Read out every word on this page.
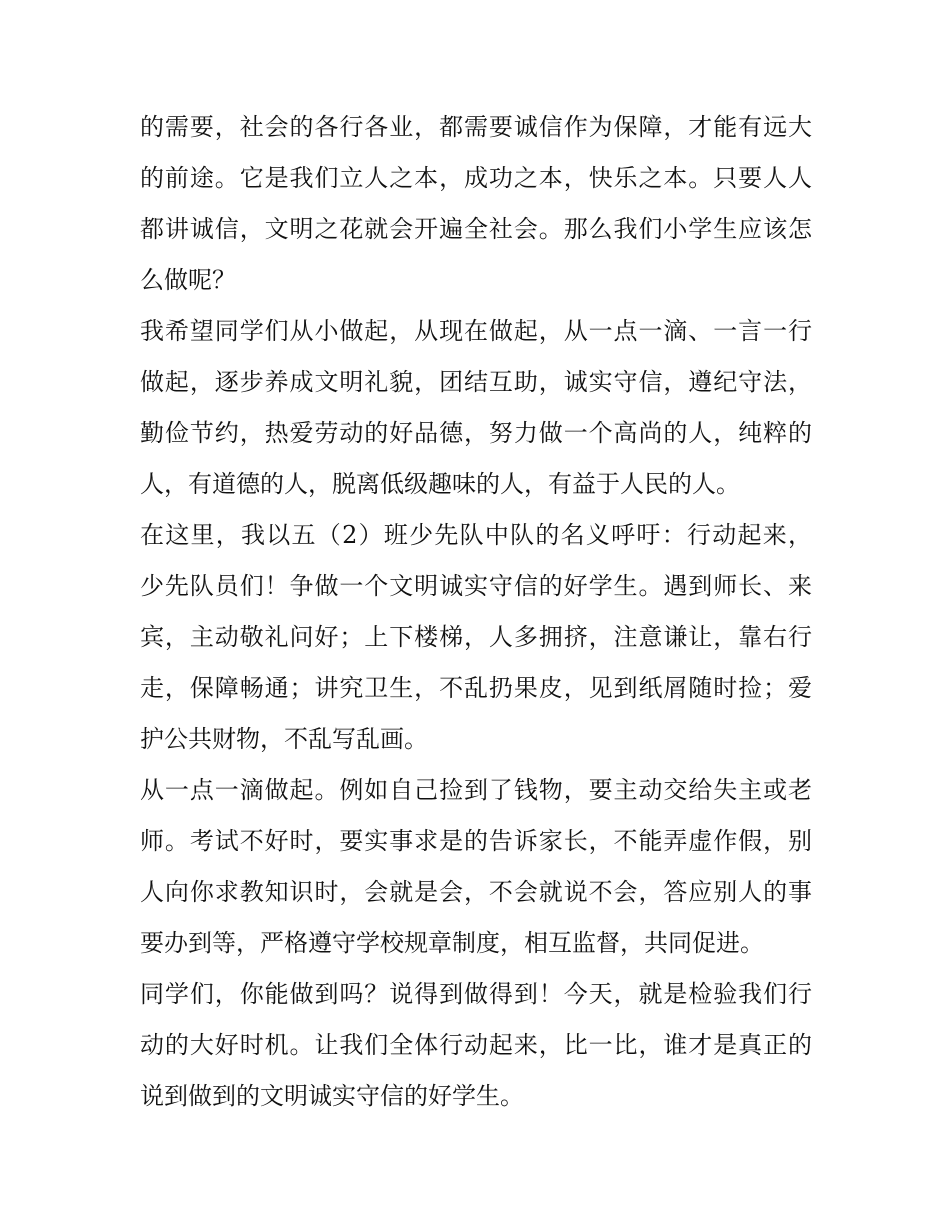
的需要，社会的各行各业，都需要诚信作为保障，才能有远大
的前途。它是我们立人之本，成功之本，快乐之本。只要人人
都讲诚信，文明之花就会开遍全社会。那么我们小学生应该怎
么做呢？
我希望同学们从小做起，从现在做起，从一点一滴、一言一行
做起，逐步养成文明礼貌，团结互助，诚实守信，遵纪守法，
勤俭节约，热爱劳动的好品德，努力做一个高尚的人，纯粹的
人，有道德的人，脱离低级趣味的人，有益于人民的人。
在这里，我以五（2）班少先队中队的名义呼吁：行动起来，
少先队员们！争做一个文明诚实守信的好学生。遇到师长、来
宾，主动敬礼问好；上下楼梯，人多拥挤，注意谦让，靠右行
走，保障畅通；讲究卫生，不乱扔果皮，见到纸屑随时捡；爱
护公共财物，不乱写乱画。
从一点一滴做起。例如自己捡到了钱物，要主动交给失主或老
师。考试不好时，要实事求是的告诉家长，不能弄虚作假，别
人向你求教知识时，会就是会，不会就说不会，答应别人的事
要办到等，严格遵守学校规章制度，相互监督，共同促进。
同学们，你能做到吗？说得到做得到！今天，就是检验我们行
动的大好时机。让我们全体行动起来，比一比，谁才是真正的
说到做到的文明诚实守信的好学生。
